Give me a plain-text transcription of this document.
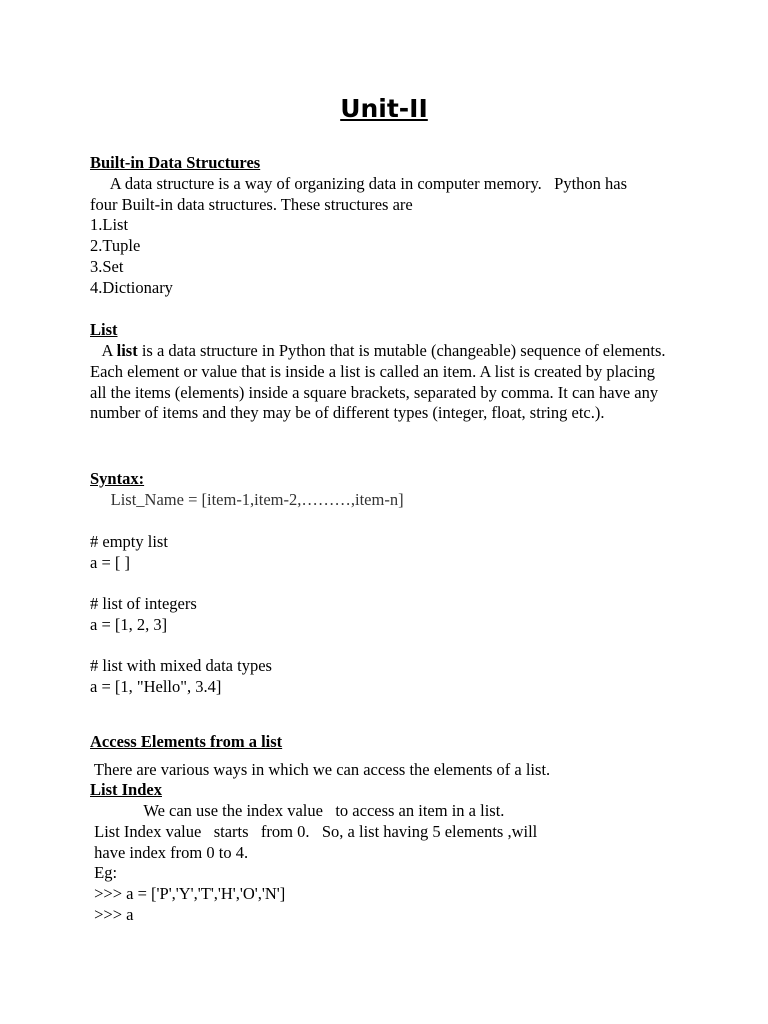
Unit-II
Built-in Data Structures
A data structure is a way of organizing data in computer memory.   Python has
four Built-in data structures. These structures are
1.List
2.Tuple
3.Set
4.Dictionary
List
A list is a data structure in Python that is mutable (changeable) sequence of elements. Each element or value that is inside a list is called an item. A list is created by placing all the items (elements) inside a square brackets, separated by comma. It can have any number of items and they may be of different types (integer, float, string etc.).
Syntax:
List_Name = [item-1,item-2,………,item-n]
# empty list
a = [ ]
# list of integers
a = [1, 2, 3]
# list with mixed data types
a = [1, "Hello", 3.4]
Access Elements from a list
There are various ways in which we can access the elements of a list.
List Index
We can use the index value   to access an item in a list.
List Index value   starts   from 0.   So, a list having 5 elements ,will
have index from 0 to 4.
Eg:
>>> a = ['P','Y','T','H','O','N']
>>> a
